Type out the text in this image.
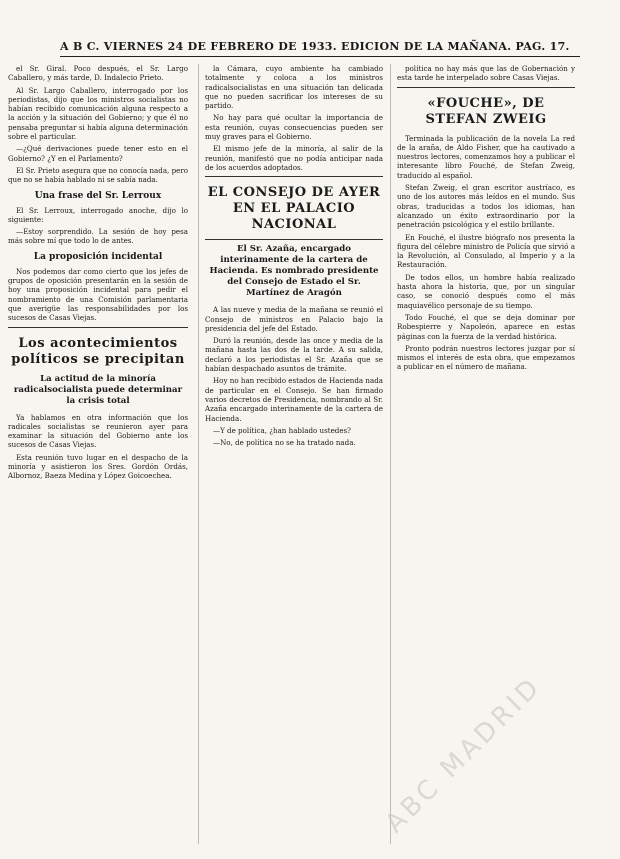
A B C. VIERNES 24 DE FEBRERO DE 1933. EDICION DE LA MAÑANA. PAG. 17.

el Sr. Giral. Poco después, el Sr. Largo Caballero, y más tarde, D. Indalecio Prieto.

Al Sr. Largo Caballero, interrogado por los periodistas, dijo que los ministros socialistas no habían recibido comunicación alguna respecto a la acción y la situación del Gobierno; y que él no pensaba preguntar si había alguna determinación sobre el particular.

—¿Qué derivaciones puede tener esto en el Gobierno? ¿Y en el Parlamento?

El Sr. Prieto asegura que no conocía nada, pero que no se había hablado ni se sabía nada.

Una frase del Sr. Lerroux

El Sr. Lerroux, interrogado anoche, dijo lo siguiente:

—Estoy sorprendido. La sesión de hoy pesa más sobre mí que todo lo de antes.

La proposición incidental

Nos podemos dar como cierto que los jefes de grupos de oposición presentarán en la sesión de hoy una proposición incidental para pedir el nombramiento de una Comisión parlamentaria que averigüe las responsabilidades por los sucesos de Casas Viejas.

Los acontecimientos políticos se precipitan
La actitud de la minoría radicalsocialista puede determinar la crisis total

Ya hablamos en otra información que los radicales socialistas se reunieron ayer para examinar la situación del Gobierno ante los sucesos de Casas Viejas.

Esta reunión tuvo lugar en el despacho de la minoría y asistieron los Sres. Gordón Ordás, Albornoz, Baeza Medina y López Goicoechea.

la Cámara, cuyo ambiente ha cambiado totalmente y coloca a los ministros radicalsocialistas en una situación tan delicada que no pueden sacrificar los intereses de su partido.

No hay para qué ocultar la importancia de esta reunión, cuyas consecuencias pueden ser muy graves para el Gobierno.

El mismo jefe de la minoría, al salir de la reunión, manifestó que no podía anticipar nada de los acuerdos adoptados.

EL CONSEJO DE AYER EN EL PALACIO NACIONAL
El Sr. Azaña, encargado interinamente de la cartera de Hacienda. Es nombrado presidente del Consejo de Estado el Sr. Martínez de Aragón

A las nueve y media de la mañana se reunió el Consejo de ministros en Palacio bajo la presidencia del jefe del Estado.

Duró la reunión, desde las once y media de la mañana hasta las dos de la tarde. A su salida, declaró a los periodistas el Sr. Azaña que se habían despachado asuntos de trámite.

Hoy no han recibido estados de Hacienda nada de particular en el Consejo. Se han firmado varios decretos de Presidencia, nombrando al Sr. Azaña encargado interinamente de la cartera de Hacienda.

—Y de política, ¿han hablado ustedes?

—No, de política no se ha tratado nada.

política no hay más que las de Gobernación y esta tarde he interpelado sobre Casas Viejas.

«FOUCHE», DE STEFAN ZWEIG

Terminada la publicación de la novela La red de la araña, de Aldo Fisher, que ha cautivado a nuestros lectores, comenzamos hoy a publicar el interesante libro Fouché, de Stefan Zweig, traducido al español.

Stefan Zweig, el gran escritor austríaco, es uno de los autores más leídos en el mundo. Sus obras, traducidas a todos los idiomas, han alcanzado un éxito extraordinario por la penetración psicológica y el estilo brillante.

En Fouché, el ilustre biógrafo nos presenta la figura del célebre ministro de Policía que sirvió a la Revolución, al Consulado, al Imperio y a la Restauración.

De todos ellos, un hombre había realizado hasta ahora la historia, que, por un singular caso, se conoció después como el más maquiavélico personaje de su tiempo.

Todo Fouché, el que se deja dominar por Robespierre y Napoleón, aparece en estas páginas con la fuerza de la verdad histórica.

Pronto podrán nuestros lectores juzgar por sí mismos el interés de esta obra, que empezamos a publicar en el número de mañana.

ABC MADRID
